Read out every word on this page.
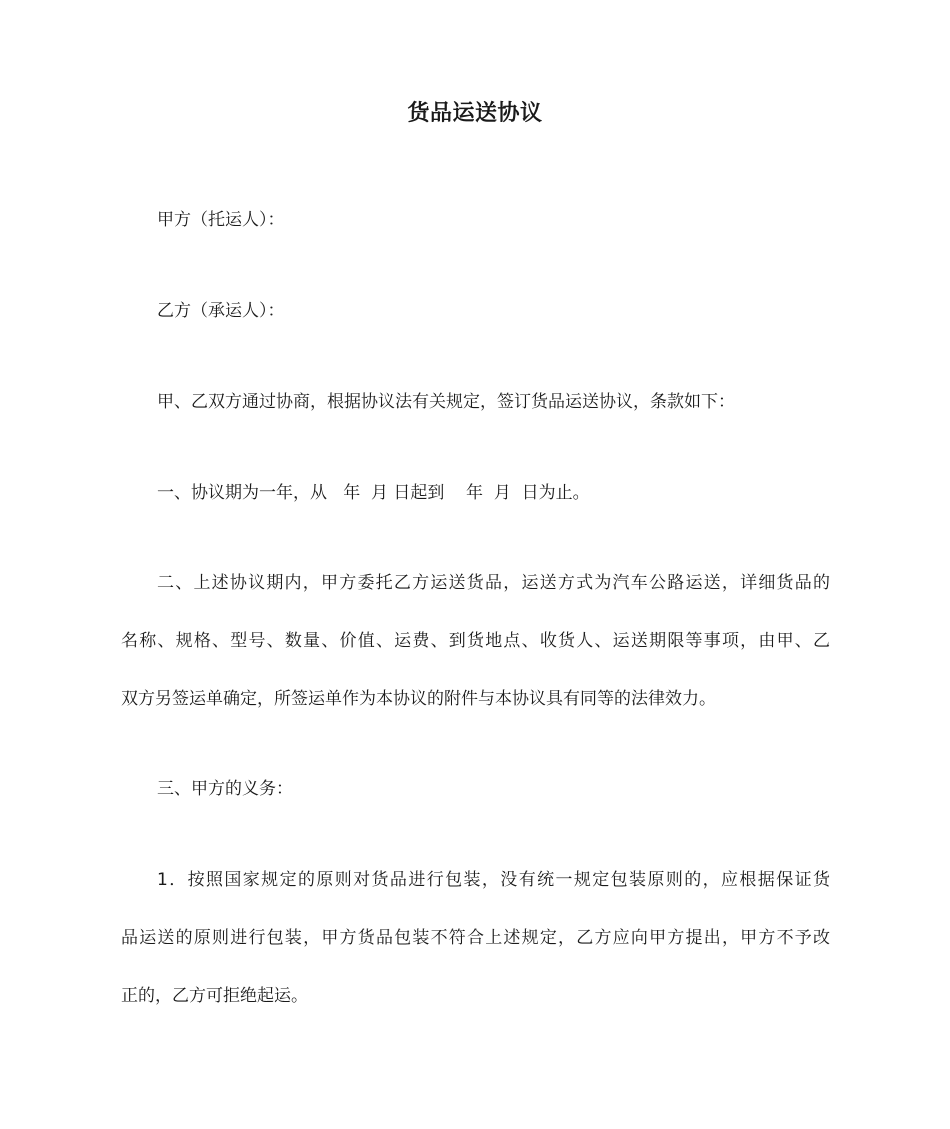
货品运送协议
甲方（托运人）：
乙方（承运人）：
甲、乙双方通过协商，根据协议法有关规定，签订货品运送协议，条款如下：
一、协议期为一年，从   年  月 日起到    年  月  日为止。
二、上述协议期内，甲方委托乙方运送货品，运送方式为汽车公路运送，详细货品的
名称、规格、型号、数量、价值、运费、到货地点、收货人、运送期限等事项，由甲、乙
双方另签运单确定，所签运单作为本协议的附件与本协议具有同等的法律效力。
三、甲方的义务：
1．按照国家规定的原则对货品进行包装，没有统一规定包装原则的，应根据保证货
品运送的原则进行包装，甲方货品包装不符合上述规定，乙方应向甲方提出，甲方不予改
正的，乙方可拒绝起运。
